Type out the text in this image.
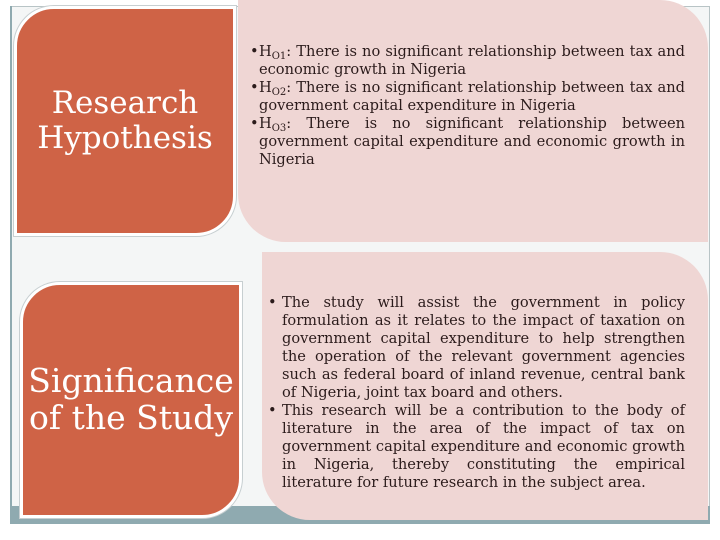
• $H_{O1}$: There is no significant relationship between tax and economic growth in Nigeria
• $H_{O2}$: There is no significant relationship between tax and government capital expenditure in Nigeria
• $H_{O3}$: There is no significant relationship between government capital expenditure and economic growth in Nigeria
Research
Hypothesis
• The study will assist the government in policy formulation as it relates to the impact of taxation on government capital expenditure to help strengthen the operation of the relevant government agencies such as federal board of inland revenue, central bank of Nigeria, joint tax board and others.
• This research will be a contribution to the body of literature in the area of the impact of tax on government capital expenditure and economic growth in Nigeria, thereby constituting the empirical literature for future research in the subject area.
Significance
of the Study
